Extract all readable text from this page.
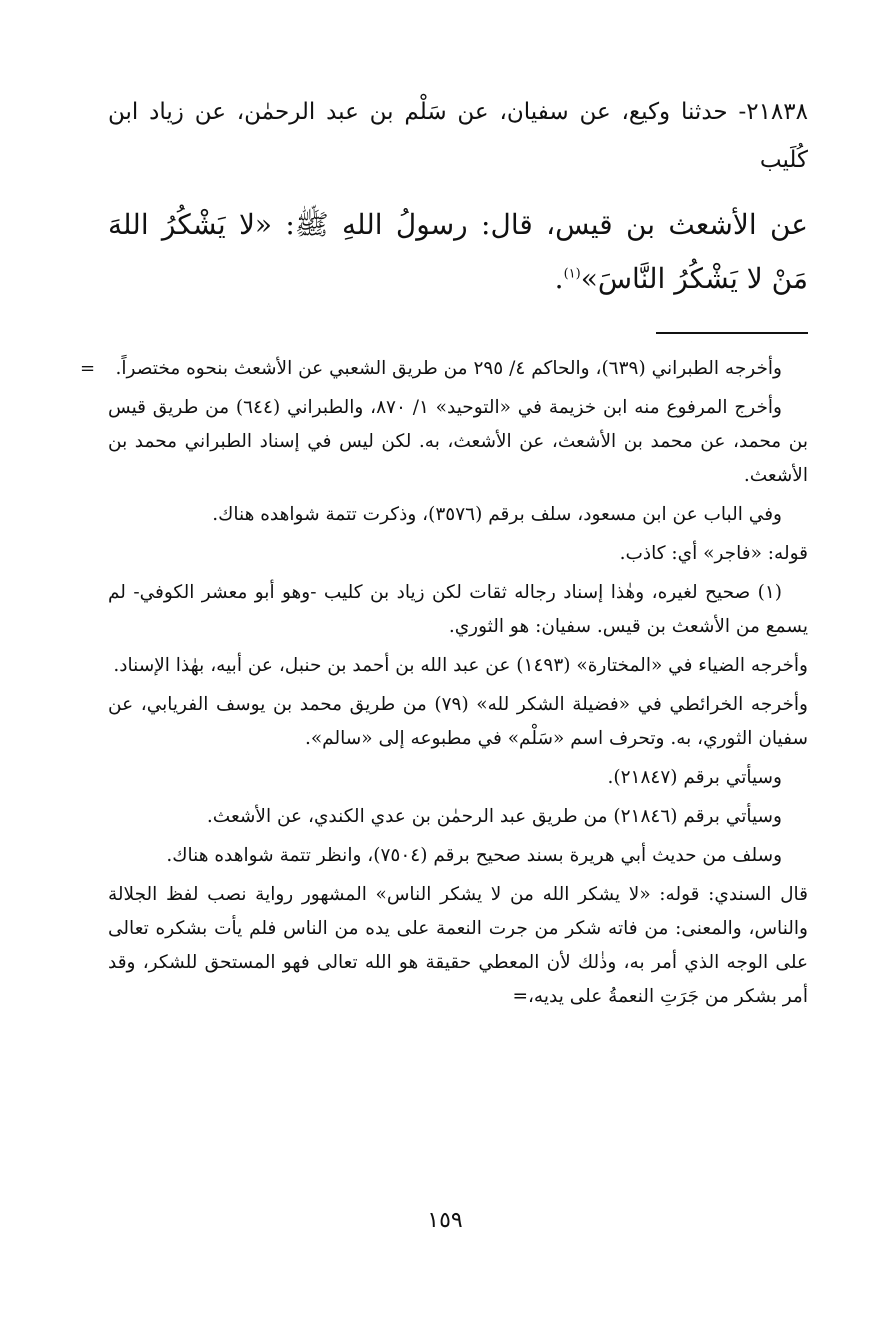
٢١٨٣٨- حدثنا وكيع، عن سفيان، عن سَلْم بن عبد الرحمٰن، عن زياد ابن كُلَيب

عن الأشعث بن قيس، قال: رسولُ اللهِ ﷺ: «لا يَشْكُرُ اللهَ مَنْ لا يَشْكُرُ النَّاسَ»$^{(١)}$.

=	وأخرجه الطبراني (٦٣٩)، والحاكم ٤/ ٢٩٥ من طريق الشعبي عن الأشعث بنحوه مختصراً.

وأخرج المرفوع منه ابن خزيمة في «التوحيد» ١/ ٨٧٠، والطبراني (٦٤٤) من طريق قيس بن محمد، عن محمد بن الأشعث، عن الأشعث، به. لكن ليس في إسناد الطبراني محمد بن الأشعث.

وفي الباب عن ابن مسعود، سلف برقم (٣٥٧٦)، وذكرت تتمة شواهده هناك.

قوله: «فاجر» أي: كاذب.

(١) صحيح لغيره، وهٰذا إسناد رجاله ثقات لكن زياد بن كليب -وهو أبو معشر الكوفي- لم يسمع من الأشعث بن قيس. سفيان: هو الثوري.

وأخرجه الضياء في «المختارة» (١٤٩٣) عن عبد الله بن أحمد بن حنبل، عن أبيه، بهٰذا الإسناد.

وأخرجه الخرائطي في «فضيلة الشكر لله» (٧٩) من طريق محمد بن يوسف الفريابي، عن سفيان الثوري، به. وتحرف اسم «سَلْم» في مطبوعه إلى «سالم».

وسيأتي برقم (٢١٨٤٧).

وسيأتي برقم (٢١٨٤٦) من طريق عبد الرحمٰن بن عدي الكندي، عن الأشعث.

وسلف من حديث أبي هريرة بسند صحيح برقم (٧٥٠٤)، وانظر تتمة شواهده هناك.

قال السندي: قوله: «لا يشكر الله من لا يشكر الناس» المشهور رواية نصب لفظ الجلالة والناس، والمعنى: من فاته شكر من جرت النعمة على يده من الناس فلم يأت بشكره تعالى على الوجه الذي أمر به، وذٰلك لأن المعطي حقيقة هو الله تعالى فهو المستحق للشكر، وقد أمر بشكر من جَرَتِ النعمةُ على يديه،=

١٥٩
